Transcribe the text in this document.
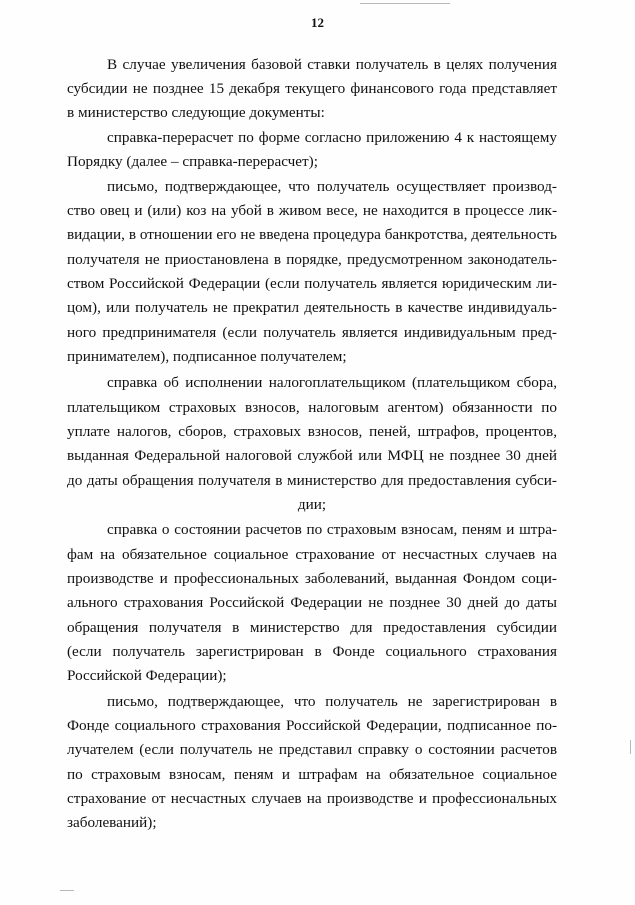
12
В случае увеличения базовой ставки получатель в целях получения
субсидии не позднее 15 декабря текущего финансового года представляет
в министерство следующие документы:
справка-перерасчет по форме согласно приложению 4 к настоящему
Порядку (далее – справка-перерасчет);
письмо, подтверждающее, что получатель осуществляет производ-
ство овец и (или) коз на убой в живом весе, не находится в процессе лик-
видации, в отношении его не введена процедура банкротства, деятельность
получателя не приостановлена в порядке, предусмотренном законодатель-
ством Российской Федерации (если получатель является юридическим ли-
цом), или получатель не прекратил деятельность в качестве индивидуаль-
ного предпринимателя (если получатель является индивидуальным пред-
принимателем), подписанное получателем;
справка об исполнении налогоплательщиком (плательщиком сбора,
плательщиком страховых взносов, налоговым агентом) обязанности по
уплате налогов, сборов, страховых взносов, пеней, штрафов, процентов,
выданная Федеральной налоговой службой или МФЦ не позднее 30 дней
до даты обращения получателя в министерство для предоставления субси-
дии;
справка о состоянии расчетов по страховым взносам, пеням и штра-
фам на обязательное социальное страхование от несчастных случаев на
производстве и профессиональных заболеваний, выданная Фондом соци-
ального страхования Российской Федерации не позднее 30 дней до даты
обращения получателя в министерство для предоставления субсидии
(если получатель зарегистрирован в Фонде социального страхования
Российской Федерации);
письмо, подтверждающее, что получатель не зарегистрирован в
Фонде социального страхования Российской Федерации, подписанное по-
лучателем (если получатель не представил справку о состоянии расчетов
по страховым взносам, пеням и штрафам на обязательное социальное
страхование от несчастных случаев на производстве и профессиональных
заболеваний);
